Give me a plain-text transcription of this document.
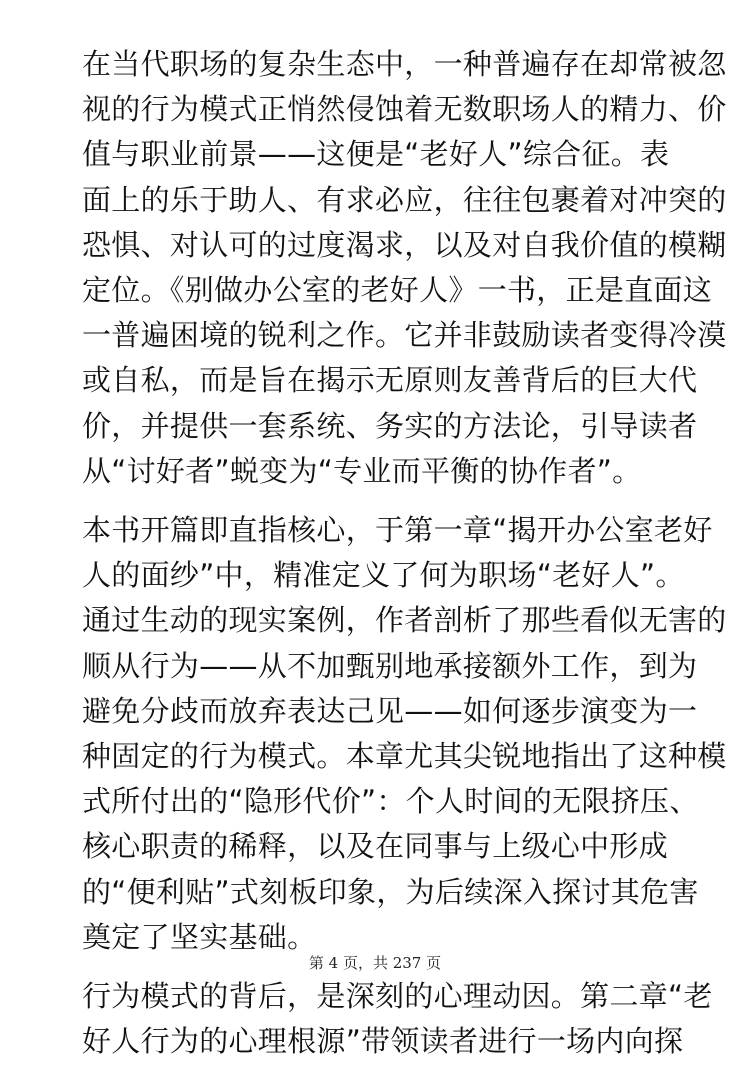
在当代职场的复杂生态中，一种普遍存在却常被忽
视的行为模式正悄然侵蚀着无数职场人的精力、价
值与职业前景——这便是“老好人”综合征。表
面上的乐于助人、有求必应，往往包裹着对冲突的
恐惧、对认可的过度渴求，以及对自我价值的模糊
定位。《别做办公室的老好人》一书，正是直面这
一普遍困境的锐利之作。它并非鼓励读者变得冷漠
或自私，而是旨在揭示无原则友善背后的巨大代
价，并提供一套系统、务实的方法论，引导读者
从“讨好者”蜕变为“专业而平衡的协作者”。
本书开篇即直指核心，于第一章“揭开办公室老好
人的面纱”中，精准定义了何为职场“老好人”。
通过生动的现实案例，作者剖析了那些看似无害的
顺从行为——从不加甄别地承接额外工作，到为
避免分歧而放弃表达己见——如何逐步演变为一
种固定的行为模式。本章尤其尖锐地指出了这种模
式所付出的“隐形代价”：个人时间的无限挤压、
核心职责的稀释，以及在同事与上级心中形成
的“便利贴”式刻板印象，为后续深入探讨其危害
奠定了坚实基础。
行为模式的背后，是深刻的心理动因。第二章“老
好人行为的心理根源”带领读者进行一场内向探
第 4 页，共 237 页
